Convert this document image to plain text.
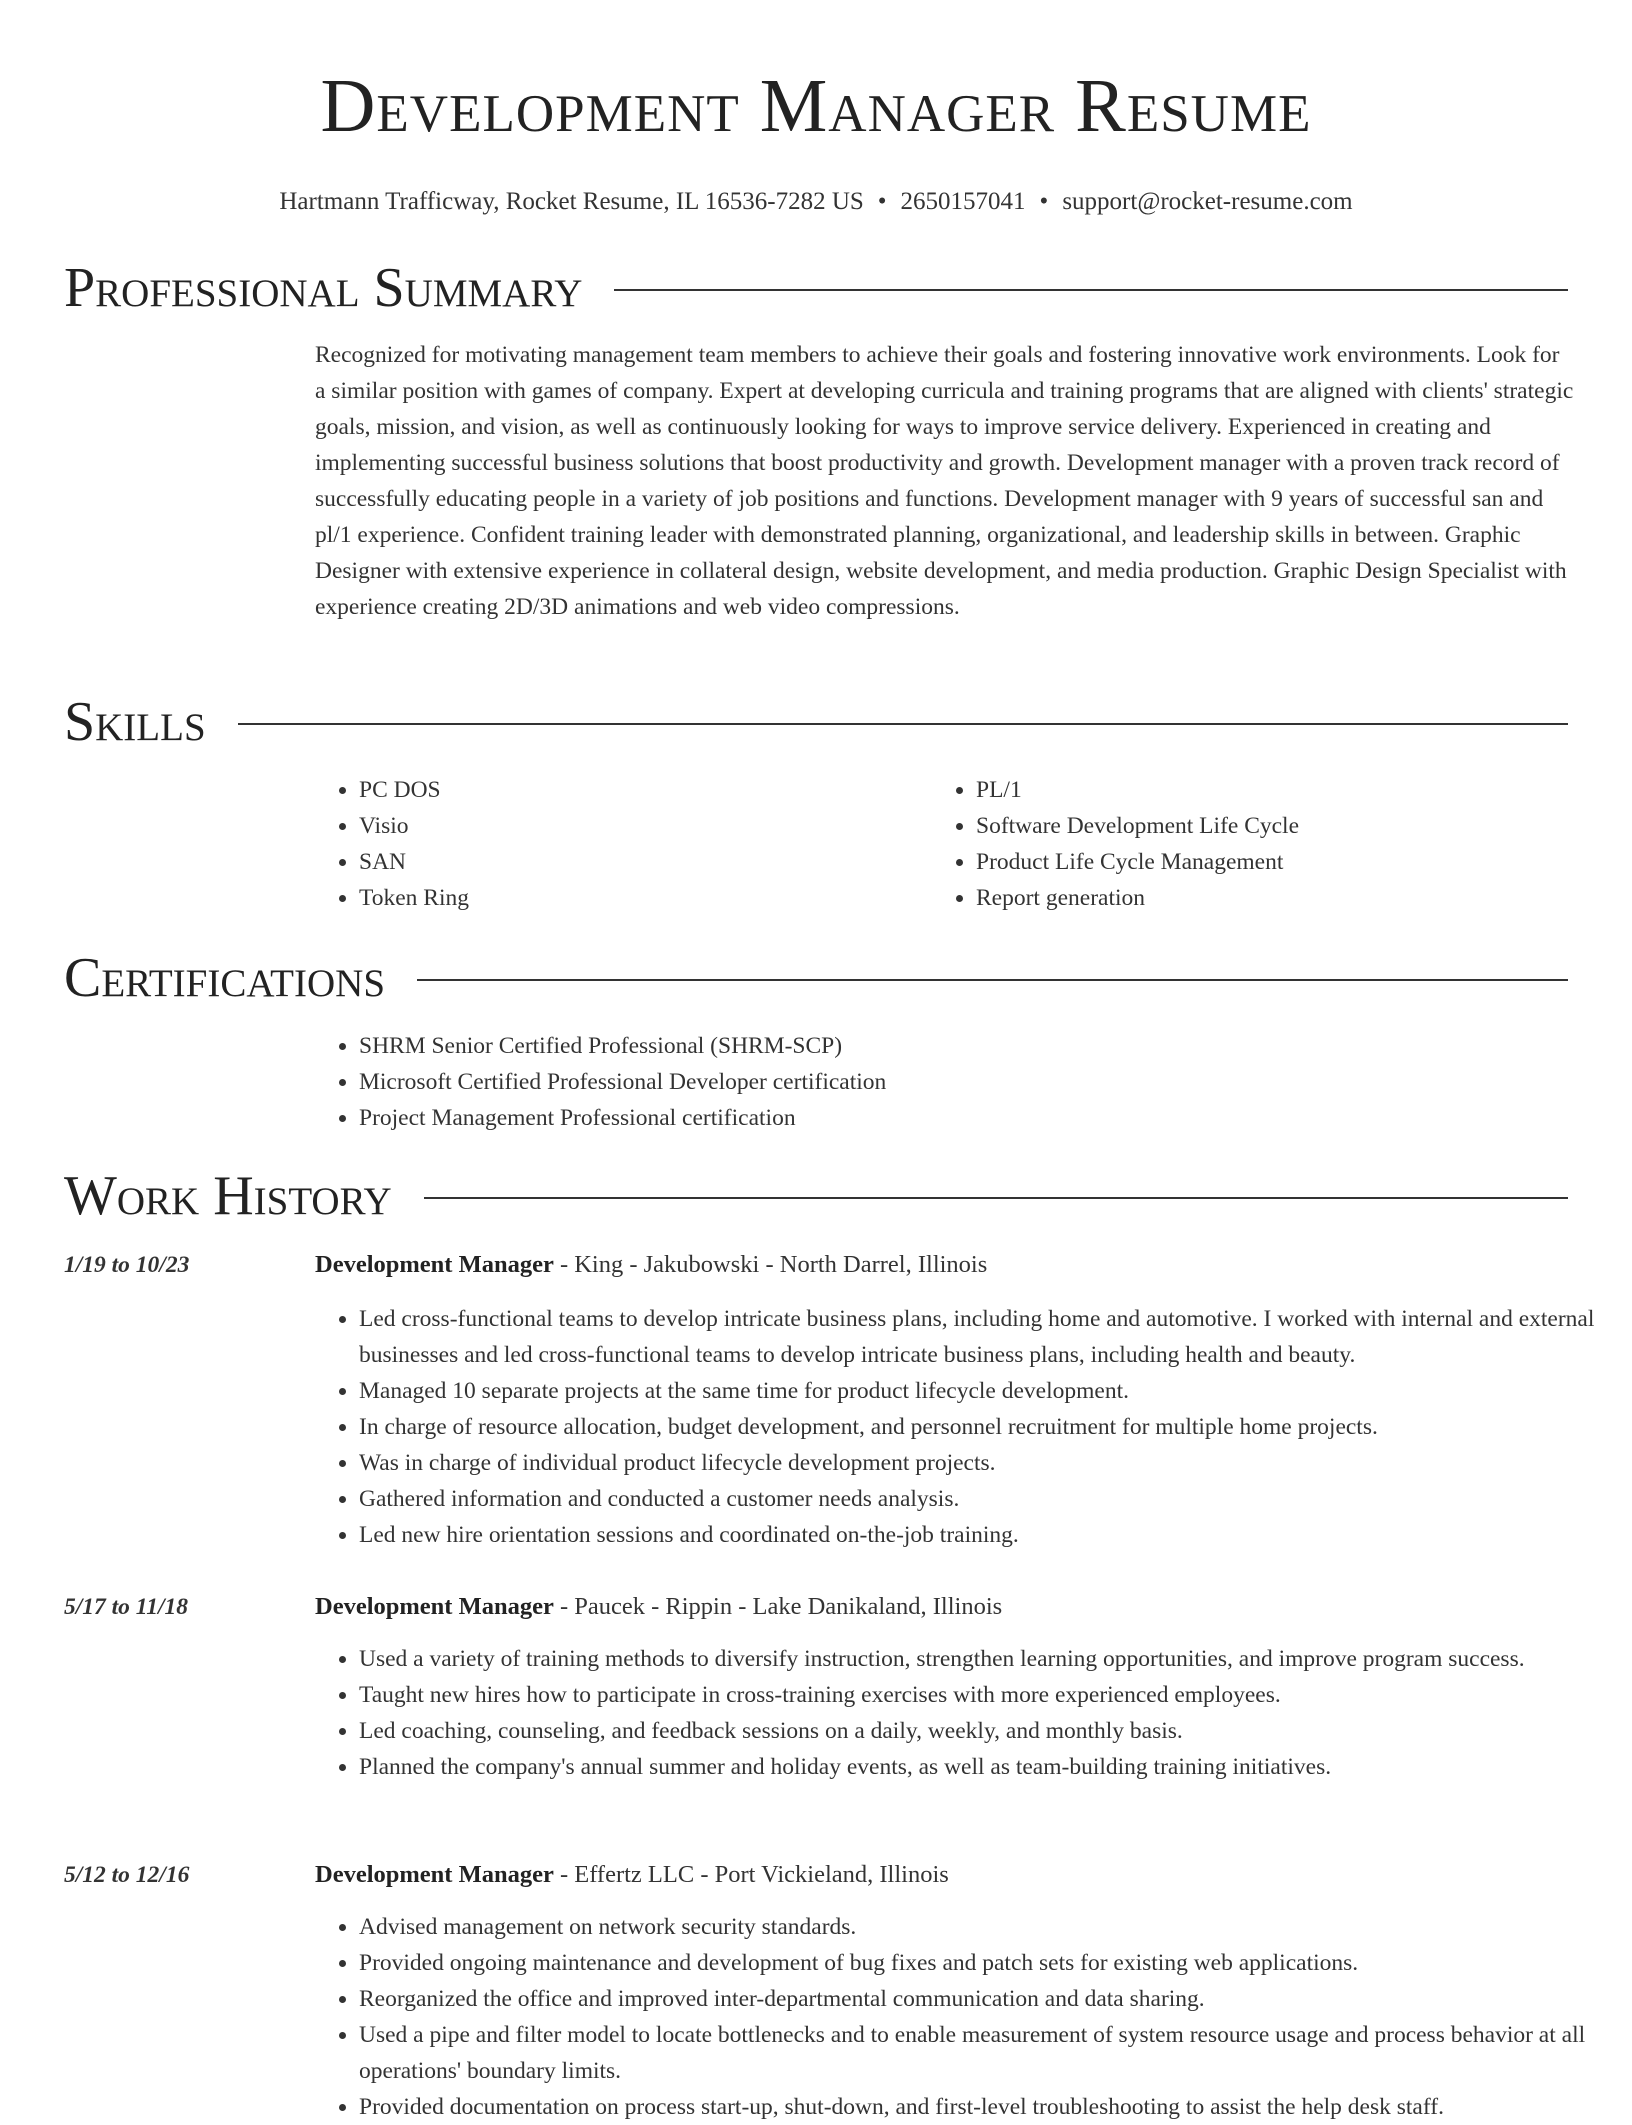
Development Manager Resume
Hartmann Trafficway, Rocket Resume, IL 16536-7282 US • 2650157041 • support@rocket-resume.com
Professional Summary

Recognized for motivating management team members to achieve their goals and fostering innovative work environments. Look for a similar position with games of company. Expert at developing curricula and training programs that are aligned with clients' strategic goals, mission, and vision, as well as continuously looking for ways to improve service delivery. Experienced in creating and implementing successful business solutions that boost productivity and growth. Development manager with a proven track record of successfully educating people in a variety of job positions and functions. Development manager with 9 years of successful san and pl/1 experience. Confident training leader with demonstrated planning, organizational, and leadership skills in between. Graphic Designer with extensive experience in collateral design, website development, and media production. Graphic Design Specialist with experience creating 2D/3D animations and web video compressions.

Skills
• PC DOS
• Visio
• SAN
• Token Ring
• PL/1
• Software Development Life Cycle
• Product Life Cycle Management
• Report generation
Certifications
• SHRM Senior Certified Professional (SHRM-SCP)
• Microsoft Certified Professional Developer certification
• Project Management Professional certification
Work History
1/19 to 10/23	Development Manager - King - Jakubowski - North Darrel, Illinois
• Led cross-functional teams to develop intricate business plans, including home and automotive. I worked with internal and external businesses and led cross-functional teams to develop intricate business plans, including health and beauty.
• Managed 10 separate projects at the same time for product lifecycle development.
• In charge of resource allocation, budget development, and personnel recruitment for multiple home projects.
• Was in charge of individual product lifecycle development projects.
• Gathered information and conducted a customer needs analysis.
• Led new hire orientation sessions and coordinated on-the-job training.
5/17 to 11/18	Development Manager - Paucek - Rippin - Lake Danikaland, Illinois
• Used a variety of training methods to diversify instruction, strengthen learning opportunities, and improve program success.
• Taught new hires how to participate in cross-training exercises with more experienced employees.
• Led coaching, counseling, and feedback sessions on a daily, weekly, and monthly basis.
• Planned the company's annual summer and holiday events, as well as team-building training initiatives.
5/12 to 12/16	Development Manager - Effertz LLC - Port Vickieland, Illinois
• Advised management on network security standards.
• Provided ongoing maintenance and development of bug fixes and patch sets for existing web applications.
• Reorganized the office and improved inter-departmental communication and data sharing.
• Used a pipe and filter model to locate bottlenecks and to enable measurement of system resource usage and process behavior at all operations' boundary limits.
• Provided documentation on process start-up, shut-down, and first-level troubleshooting to assist the help desk staff.
